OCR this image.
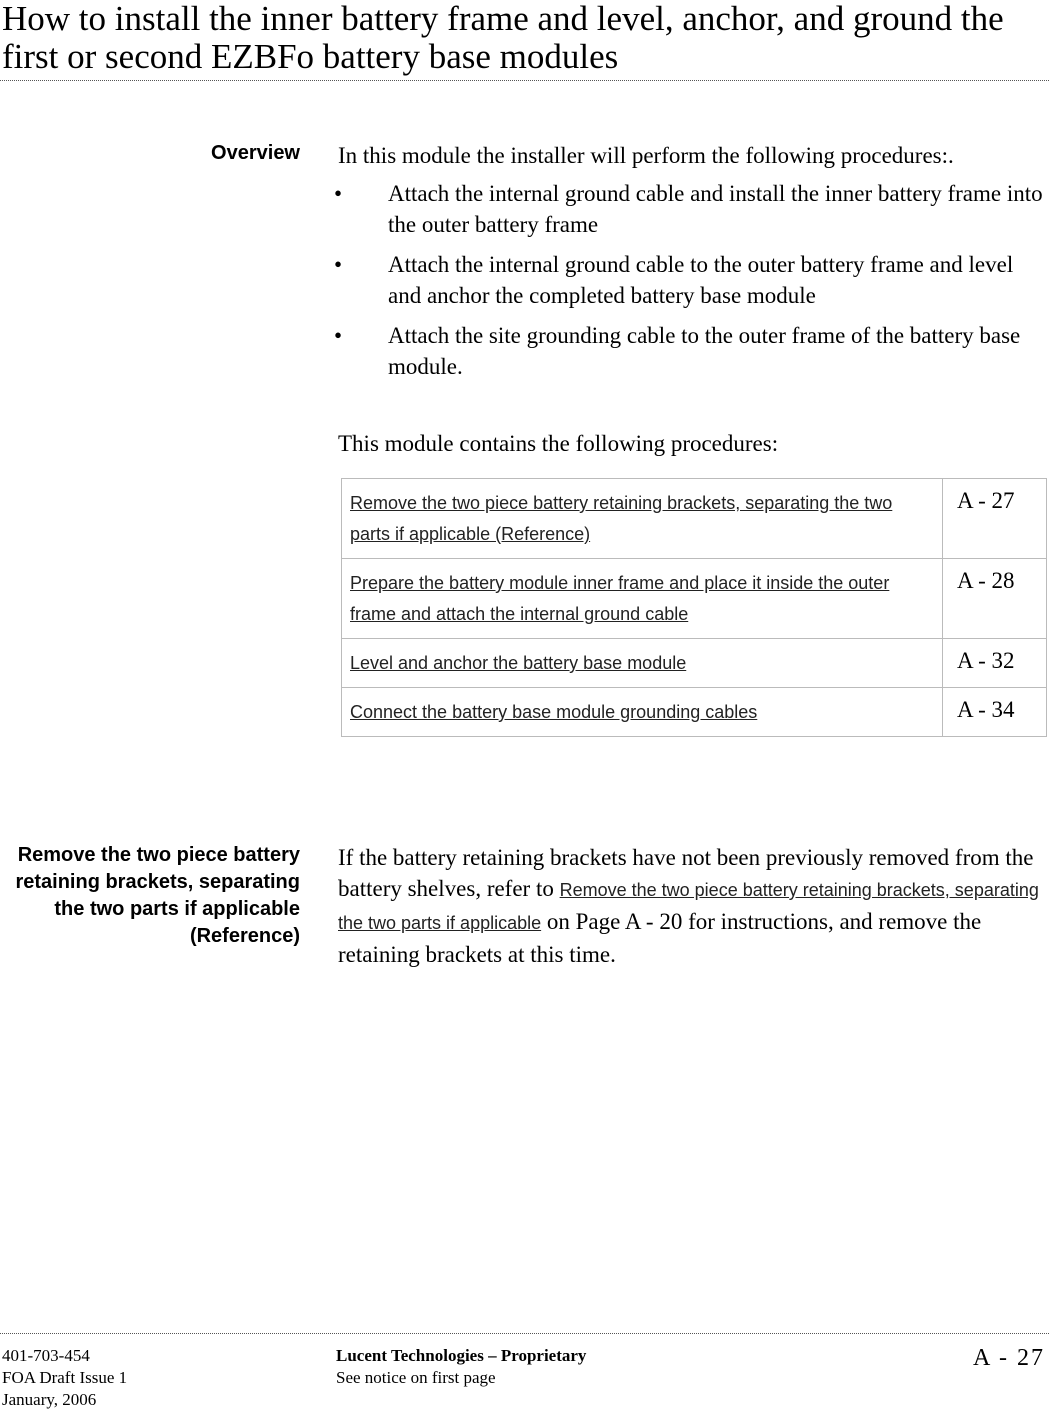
How to install the inner battery frame and level, anchor, and ground the first or second EZBFo battery base modules
Overview In this module the installer will perform the following procedures:.
•	Attach the internal ground cable and install the inner battery frame into the outer battery frame
•	Attach the internal ground cable to the outer battery frame and level and anchor the completed battery base module
•	Attach the site grounding cable to the outer frame of the battery base module.
This module contains the following procedures:
Remove the two piece battery retaining brackets, separating the two parts if applicable (Reference)	A - 27
Prepare the battery module inner frame and place it inside the outer frame and attach the internal ground cable	A - 28
Level and anchor the battery base module	A - 32
Connect the battery base module grounding cables	A - 34
Remove the two piece battery retaining brackets, separating the two parts if applicable (Reference)
If the battery retaining brackets have not been previously removed from the battery shelves, refer to Remove the two piece battery retaining brackets, separating the two parts if applicable on Page A - 20 for instructions, and remove the retaining brackets at this time.
401-703-454
FOA Draft Issue 1
January, 2006
Lucent Technologies – Proprietary
See notice on first page
A - 27
